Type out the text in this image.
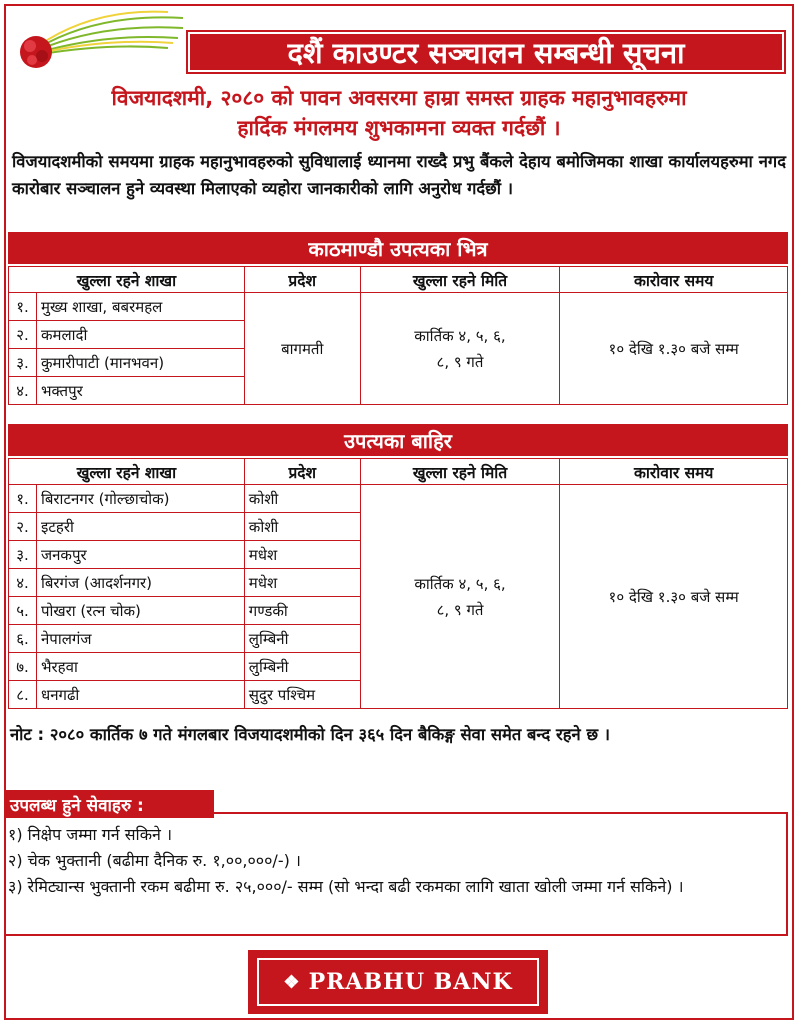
दशैं काउण्टर सञ्चालन सम्बन्धी सूचना
विजयादशमी, २०८० को पावन अवसरमा हाम्रा समस्त ग्राहक महानुभावहरुमा
हार्दिक मंगलमय शुभकामना व्यक्त गर्दछौं ।
विजयादशमीको समयमा ग्राहक महानुभावहरुको सुविधालाई ध्यानमा राख्दै प्रभु बैंकले देहाय बमोजिमका शाखा कार्यालयहरुमा नगद कारोबार सञ्चालन हुने व्यवस्था मिलाएको व्यहोरा जानकारीको लागि अनुरोध गर्दछौं ।
काठमाण्डौ उपत्यका भित्र
खुल्ला रहने शाखा		प्रदेश	खुल्ला रहने मिति	कारोवार समय
१.	मुख्य शाखा, बबरमहल	बागमती	कार्तिक ४, ५, ६,
८, ९ गते	१० देखि १.३० बजे सम्म
२.	कमलादी			
३.	कुमारीपाटी (मानभवन)			
४.	भक्तपुर			
उपत्यका बाहिर
खुल्ला रहने शाखा		प्रदेश	खुल्ला रहने मिति	कारोवार समय
१.	बिराटनगर (गोल्छाचोक)	कोशी	कार्तिक ४, ५, ६,
८, ९ गते	१० देखि १.३० बजे सम्म
२.	इटहरी	कोशी		
३.	जनकपुर	मधेश		
४.	बिरगंज (आदर्शनगर)	मधेश		
५.	पोखरा (रत्न चोक)	गण्डकी		
६.	नेपालगंज	लुम्बिनी		
७.	भैरहवा	लुम्बिनी		
८.	धनगढी	सुदुर पश्चिम		
नोट : २०८० कार्तिक ७ गते मंगलबार विजयादशमीको दिन ३६५ दिन बैकिङ्ग सेवा समेत बन्द रहने छ ।
उपलब्ध हुने सेवाहरु :
१) निक्षेप जम्मा गर्न सकिने ।
२) चेक भुक्तानी (बढीमा दैनिक रु. १,००,०००/-) ।
३) रेमिट्यान्स भुक्तानी रकम बढीमा रु. २५,०००/- सम्म (सो भन्दा बढी रकमका लागि खाता खोली जम्मा गर्न सकिने) ।
❖ PRABHU BANK
